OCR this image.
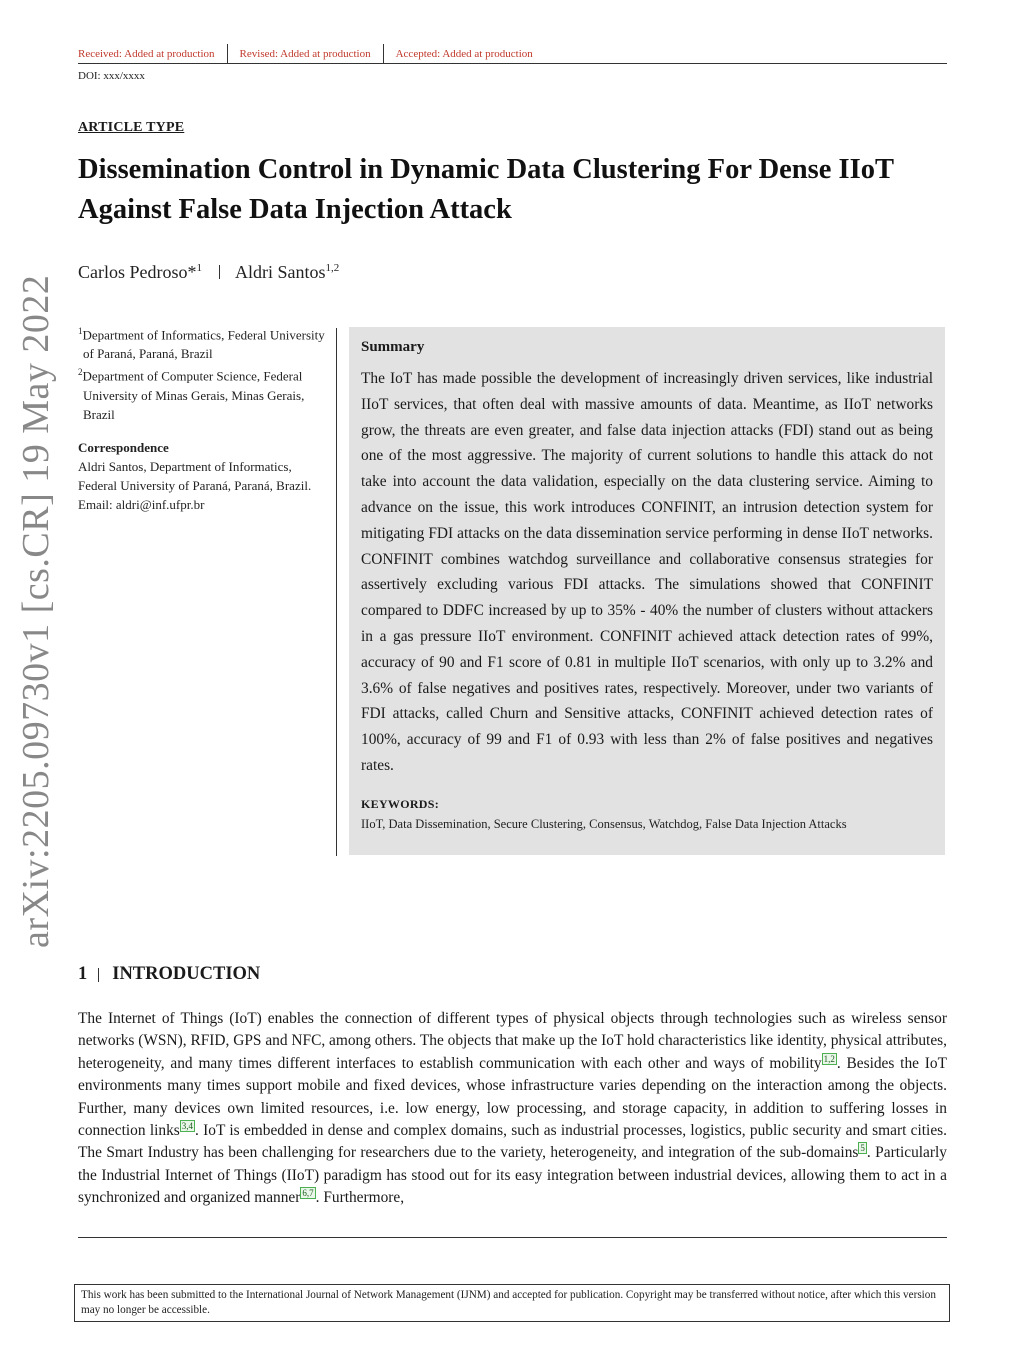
Received: Added at production	Revised: Added at production	Accepted: Added at production
DOI: xxx/xxxx
ARTICLE TYPE
Dissemination Control in Dynamic Data Clustering For Dense IIoT Against False Data Injection Attack
Carlos Pedroso*$^1$ Aldri Santos$^{1,2}$
arXiv:2205.09730v1 [cs.CR] 19 May 2022 $^1$Department of Informatics, Federal University of Paraná, Paraná, Brazil
$^2$Department of Computer Science, Federal University of Minas Gerais, Minas Gerais, Brazil
Correspondence
Aldri Santos, Department of Informatics, Federal University of Paraná, Paraná, Brazil. Email: aldri@inf.ufpr.br
Summary
The IoT has made possible the development of increasingly driven services, like industrial IIoT services, that often deal with massive amounts of data. Meantime, as IIoT networks grow, the threats are even greater, and false data injection attacks (FDI) stand out as being one of the most aggressive. The majority of current solutions to handle this attack do not take into account the data validation, especially on the data clustering service. Aiming to advance on the issue, this work introduces CONFINIT, an intrusion detection system for mitigating FDI attacks on the data dissemination service performing in dense IIoT networks. CONFINIT combines watchdog surveillance and collaborative consensus strategies for assertively excluding various FDI attacks. The simulations showed that CONFINIT compared to DDFC increased by up to 35% - 40% the number of clusters without attackers in a gas pressure IIoT environment. CONFINIT achieved attack detection rates of 99%, accuracy of 90 and F1 score of 0.81 in multiple IIoT scenarios, with only up to 3.2% and 3.6% of false negatives and positives rates, respectively. Moreover, under two variants of FDI attacks, called Churn and Sensitive attacks, CONFINIT achieved detection rates of 100%, accuracy of 99 and F1 of 0.93 with less than 2% of false positives and negatives rates.
KEYWORDS:
IIoT, Data Dissemination, Secure Clustering, Consensus, Watchdog, False Data Injection Attacks
1 INTRODUCTION
The Internet of Things (IoT) enables the connection of different types of physical objects through technologies such as wireless sensor networks (WSN), RFID, GPS and NFC, among others. The objects that make up the IoT hold characteristics like identity, physical attributes, heterogeneity, and many times different interfaces to establish communication with each other and ways of mobility 1,2 . Besides the IoT environments many times support mobile and fixed devices, whose infrastructure varies depending on the interaction among the objects. Further, many devices own limited resources, i.e. low energy, low processing, and storage capacity, in addition to suffering losses in connection links 3,4 . IoT is embedded in dense and complex domains, such as industrial processes, logistics, public security and smart cities. The Smart Industry has been challenging for researchers due to the variety, heterogeneity, and integration of the sub-domains 5 . Particularly the Industrial Internet of Things (IIoT) paradigm has stood out for its easy integration between industrial devices, allowing them to act in a synchronized and organized manner 6,7 . Furthermore,
This work has been submitted to the International Journal of Network Management (IJNM) and accepted for publication. Copyright may be transferred without notice, after which this version may no longer be accessible.
